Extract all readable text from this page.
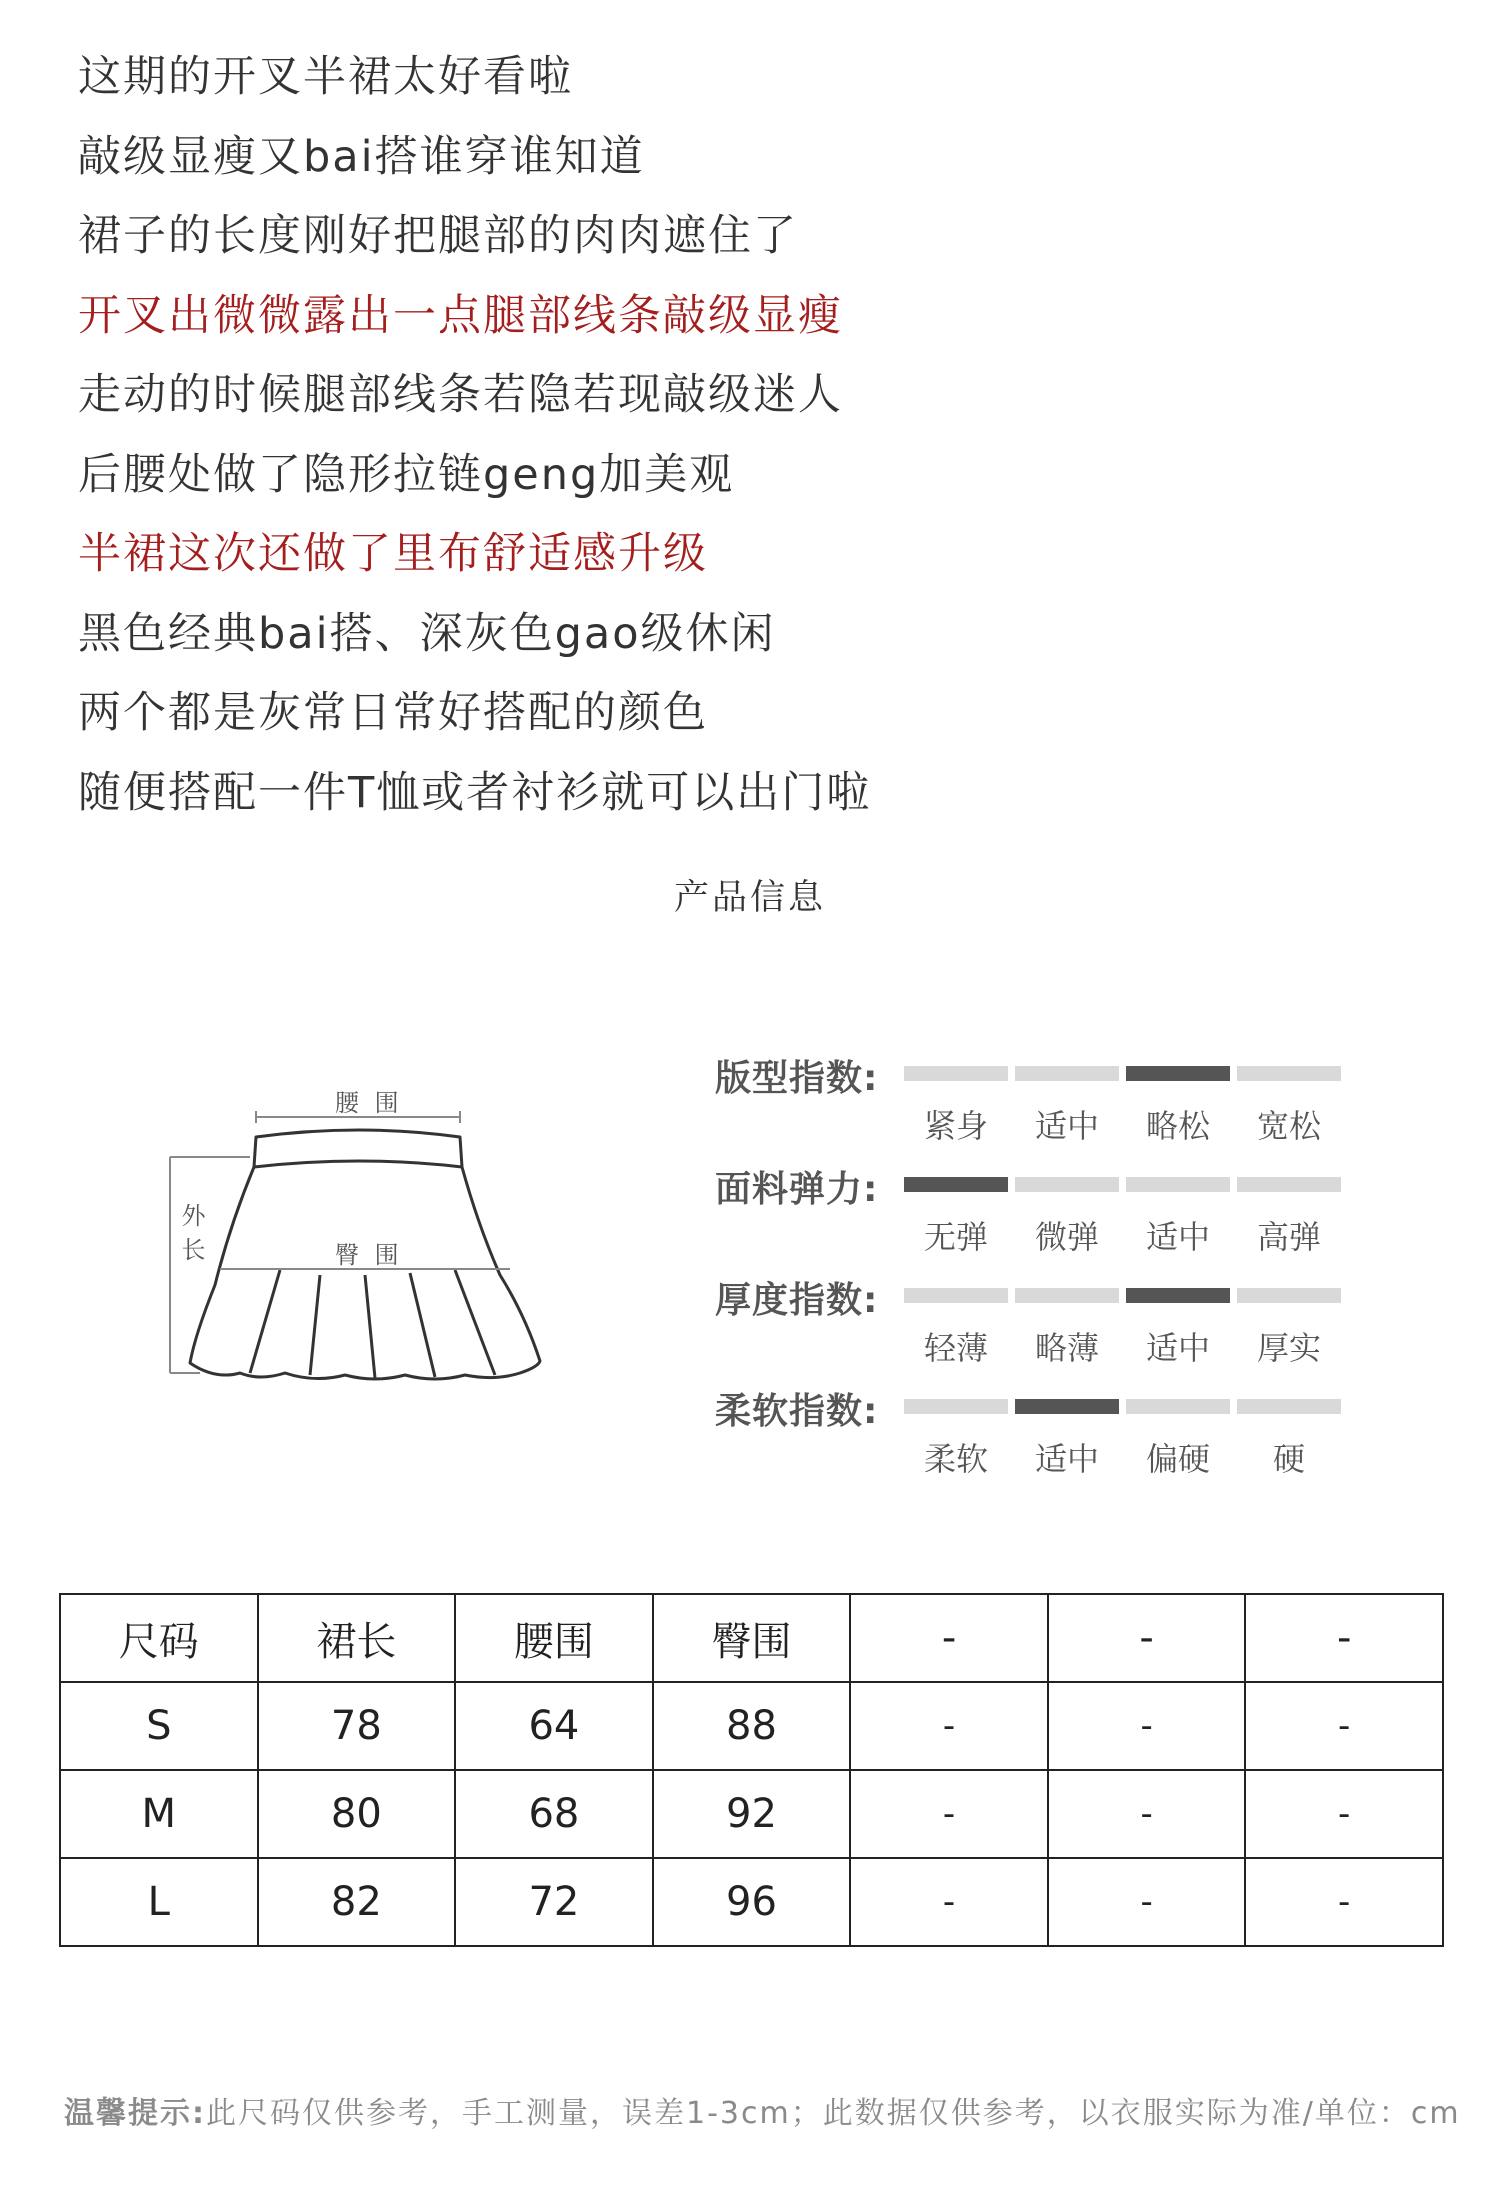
这期的开叉半裙太好看啦
敲级显瘦又bai搭谁穿谁知道
裙子的长度刚好把腿部的肉肉遮住了
开叉出微微露出一点腿部线条敲级显瘦
走动的时候腿部线条若隐若现敲级迷人
后腰处做了隐形拉链geng加美观
半裙这次还做了里布舒适感升级
黑色经典bai搭、深灰色gao级休闲
两个都是灰常日常好搭配的颜色
随便搭配一件T恤或者衬衫就可以出门啦
产品信息
腰 围
臀 围
外长
版型指数:
紧身	适中	略松	宽松
面料弹力:
无弹	微弹	适中	高弹
厚度指数:
轻薄	略薄	适中	厚实
柔软指数:
柔软	适中	偏硬	硬
尺码	裙长	腰围	臀围	-	-	-
S	78	64	88	-	-	-
M	80	68	92	-	-	-
L	82	72	96	-	-	-
温馨提示:此尺码仅供参考，手工测量，误差1-3cm；此数据仅供参考，以衣服实际为准/单位：cm
